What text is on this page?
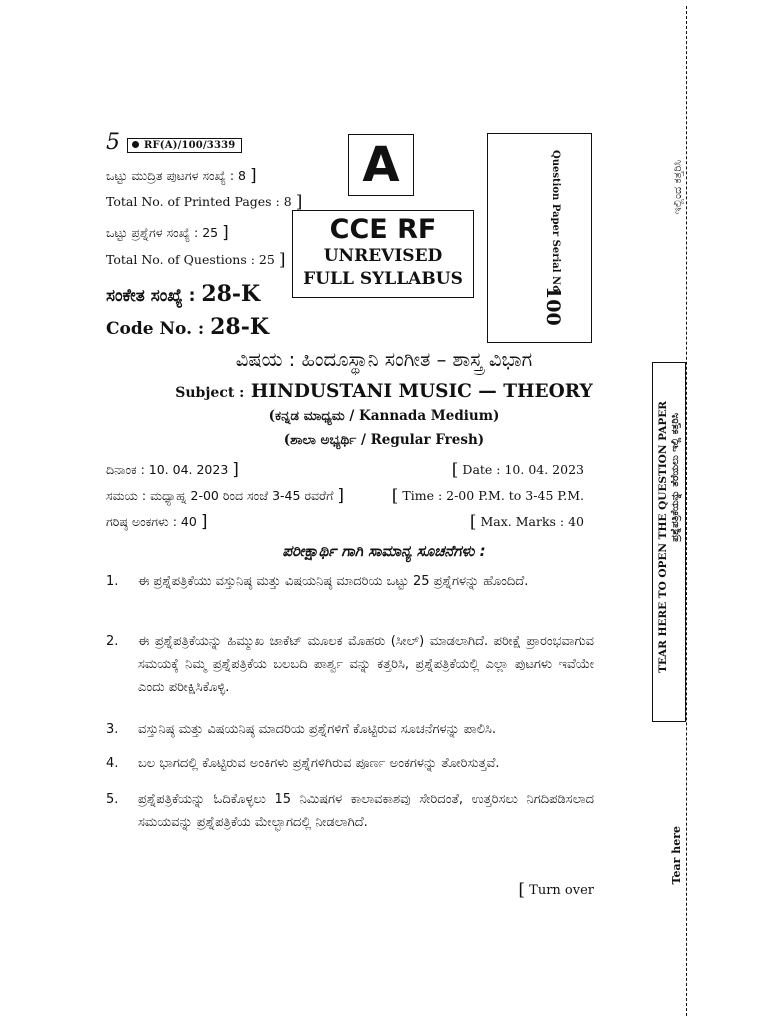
5	RF(A)/100/3339
ಒಟ್ಟು ಮುದ್ರಿತ ಪುಟಗಳ ಸಂಖ್ಯೆ : 8 ]
Total No. of Printed Pages : 8 ]
ಒಟ್ಟು ಪ್ರಶ್ನೆಗಳ ಸಂಖ್ಯೆ : 25 ]
Total No. of Questions : 25 ]
ಸಂಕೇತ ಸಂಖ್ಯೆ : 28-K
Code No. : 28-K
A
CCE RF
UNREVISED
FULL SYLLABUS	Question Paper Serial No.
100
ವಿಷಯ : ಹಿಂದೂಸ್ಥಾನಿ ಸಂಗೀತ – ಶಾಸ್ತ್ರ ವಿಭಾಗ
Subject : HINDUSTANI MUSIC — THEORY
(ಕನ್ನಡ ಮಾಧ್ಯಮ / Kannada Medium)
(ಶಾಲಾ ಅಭ್ಯರ್ಥಿ / Regular Fresh)
ದಿನಾಂಕ : 10. 04. 2023 ]	[ Date : 10. 04. 2023
ಸಮಯ : ಮಧ್ಯಾಹ್ನ 2-00 ರಿಂದ ಸಂಜೆ 3-45 ರವರೆಗೆ ]	[ Time : 2-00 P.M. to 3-45 P.M.
ಗರಿಷ್ಠ ಅಂಕಗಳು : 40 ]	[ Max. Marks : 40
ಪರೀಕ್ಷಾರ್ಥಿ ಗಾಗಿ ಸಾಮಾನ್ಯ ಸೂಚನೆಗಳು :
1. ಈ ಪ್ರಶ್ನೆಪತ್ರಿಕೆಯು ವಸ್ತುನಿಷ್ಠ ಮತ್ತು ವಿಷಯನಿಷ್ಠ ಮಾದರಿಯ ಒಟ್ಟು 25 ಪ್ರಶ್ನೆಗಳನ್ನು ಹೊಂದಿದೆ.
2. ಈ ಪ್ರಶ್ನೆಪತ್ರಿಕೆಯನ್ನು ಹಿಮ್ಮುಖ ಜಾಕೆಟ್ ಮೂಲಕ ಮೊಹರು (ಸೀಲ್) ಮಾಡಲಾಗಿದೆ. ಪರೀಕ್ಷೆ ಪ್ರಾರಂಭವಾಗುವ ಸಮಯಕ್ಕೆ ನಿಮ್ಮ ಪ್ರಶ್ನೆಪತ್ರಿಕೆಯ ಬಲಬದಿ ಪಾರ್ಶ್ವ ವನ್ನು ಕತ್ತರಿಸಿ, ಪ್ರಶ್ನೆಪತ್ರಿಕೆಯಲ್ಲಿ ಎಲ್ಲಾ ಪುಟಗಳು ಇವೆಯೇ ಎಂದು ಪರೀಕ್ಷಿಸಿಕೊಳ್ಳಿ.
3. ವಸ್ತುನಿಷ್ಠ ಮತ್ತು ವಿಷಯನಿಷ್ಠ ಮಾದರಿಯ ಪ್ರಶ್ನೆಗಳಿಗೆ ಕೊಟ್ಟಿರುವ ಸೂಚನೆಗಳನ್ನು ಪಾಲಿಸಿ.
4. ಬಲ ಭಾಗದಲ್ಲಿ ಕೊಟ್ಟಿರುವ ಅಂಕಿಗಳು ಪ್ರಶ್ನೆಗಳಿಗಿರುವ ಪೂರ್ಣ ಅಂಕಗಳನ್ನು ತೋರಿಸುತ್ತವೆ.
5. ಪ್ರಶ್ನೆಪತ್ರಿಕೆಯನ್ನು ಓದಿಕೊಳ್ಳಲು 15 ನಿಮಿಷಗಳ ಕಾಲಾವಕಾಶವು ಸೇರಿದಂತೆ, ಉತ್ತರಿಸಲು ನಿಗದಿಪಡಿಸಲಾದ ಸಮಯವನ್ನು ಪ್ರಶ್ನೆಪತ್ರಿಕೆಯ ಮೇಲ್ಭಾಗದಲ್ಲಿ ನೀಡಲಾಗಿದೆ.
[ Turn over
ಇಲ್ಲಿಂದ ಕತ್ತರಿಸಿ
TEAR HERE TO OPEN THE QUESTION PAPER ಪ್ರಶ್ನೆಪತ್ರಿಕೆಯನ್ನು ತೆರೆಯಲು ಇಲ್ಲಿ ಕತ್ತರಿಸಿ
Tear here
